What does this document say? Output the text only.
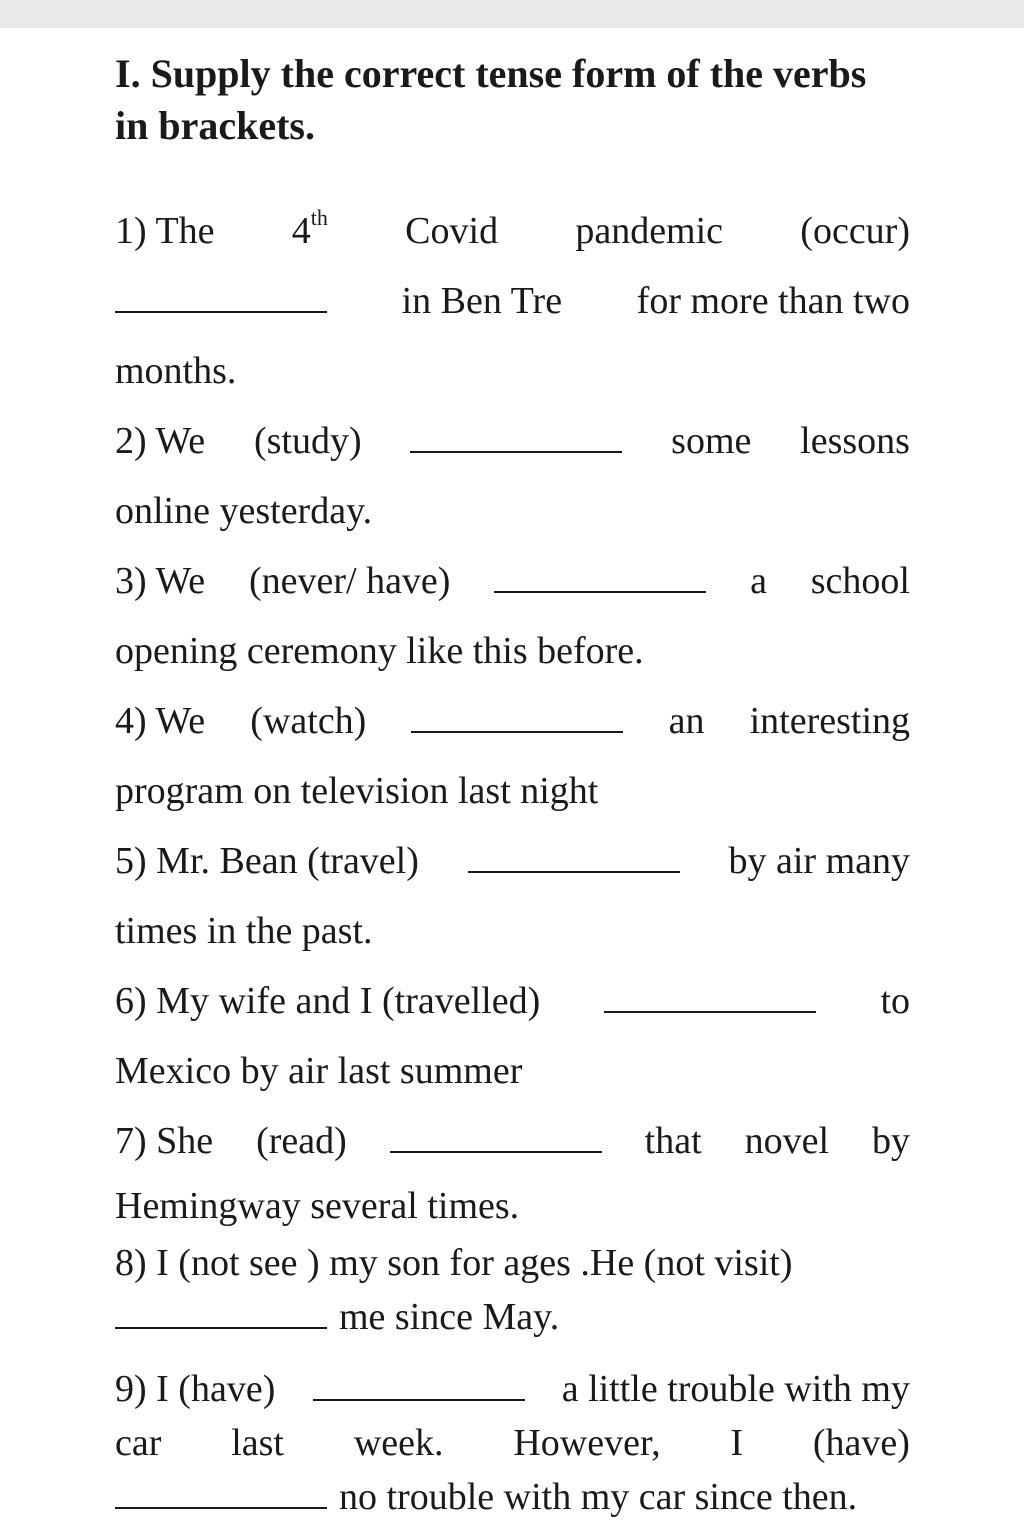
I. Supply the correct tense form of the verbs
in brackets.
1) The 4th Covid pandemic (occur)
in Ben Tre for more than two
months.
2) We (study)	some lessons
online yesterday.
3) We (never/ have)	a school
opening ceremony like this before.
4) We (watch)	an interesting
program on television last night
5) Mr. Bean (travel)	by air many
times in the past.
6) My wife and I (travelled)	to
Mexico by air last summer
7) She (read)	that novel by
Hemingway several times.
8) I (not see ) my son for ages .He (not visit)
me since May.
9) I (have)	a little trouble with my
car last week. However, I (have)
no trouble with my car since then.
